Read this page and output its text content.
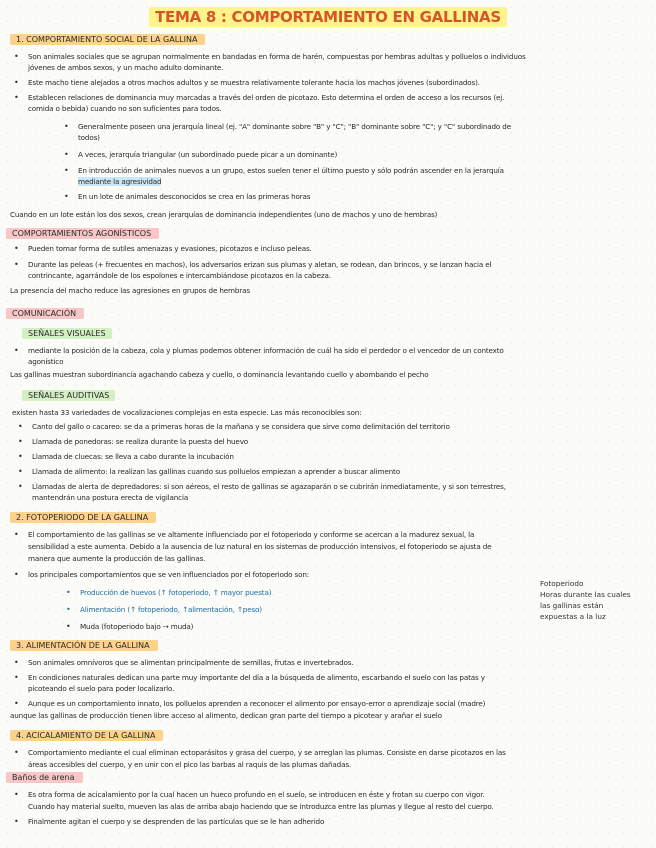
TEMA 8 : COMPORTAMIENTO EN GALLINAS
1. COMPORTAMIENTO SOCIAL DE LA GALLINA
• Son animales sociales que se agrupan normalmente en bandadas en forma de harén, compuestas por hembras adultas y polluelos o individuos
jóvenes de ambos sexos, y un macho adulto dominante.
• Este macho tiene alejados a otros machos adultos y se muestra relativamente tolerante hacia los machos jóvenes (subordinados).
• Establecen relaciones de dominancia muy marcadas a través del orden de picotazo. Esto determina el orden de acceso a los recursos (ej.
comida o bebida) cuando no son suficientes para todos.
• Generalmente poseen una jerarquía lineal (ej. "A" dominante sobre "B" y "C"; "B" dominante sobre "C"; y "C" subordinado de
todos)
• A veces, jerarquía triangular (un subordinado puede picar a un dominante)
• En introducción de animales nuevos a un grupo, estos suelen tener el último puesto y sólo podrán ascender en la jerarquía
mediante la agresividad
• En un lote de animales desconocidos se crea en las primeras horas
Cuando en un lote están los dos sexos, crean jerarquías de dominancia independientes (uno de machos y uno de hembras)
COMPORTAMIENTOS AGONÍSTICOS
• Pueden tomar forma de sutiles amenazas y evasiones, picotazos e incluso peleas.
• Durante las peleas (+ frecuentes en machos), los adversarios erizan sus plumas y aletan, se rodean, dan brincos, y se lanzan hacia el
contrincante, agarrándole de los espolones e intercambiándose picotazos en la cabeza.
La presencia del macho reduce las agresiones en grupos de hembras
COMUNICACIÓN
SEÑALES VISUALES
• mediante la posición de la cabeza, cola y plumas podemos obtener información de cuál ha sido el perdedor o el vencedor de un contexto
agonístico
Las gallinas muestran subordinancia agachando cabeza y cuello, o dominancia levantando cuello y abombando el pecho
SEÑALES AUDITIVAS
existen hasta 33 variedades de vocalizaciones complejas en esta especie. Las más reconocibles son:
• Canto del gallo o cacareo: se da a primeras horas de la mañana y se considera que sirve como delimitación del territorio
• Llamada de ponedoras: se realiza durante la puesta del huevo
• Llamada de cluecas: se lleva a cabo durante la incubación
• Llamada de alimento: la realizan las gallinas cuando sus polluelos empiezan a aprender a buscar alimento
• Llamadas de alerta de depredadores: si son aéreos, el resto de gallinas se agazaparán o se cubrirán inmediatamente, y si son terrestres,
mantendrán una postura erecta de vigilancia
2. FOTOPERIODO DE LA GALLINA
• El comportamiento de las gallinas se ve altamente influenciado por el fotoperiodo y conforme se acercan a la madurez sexual, la
sensibilidad a este aumenta. Debido a la ausencia de luz natural en los sistemas de producción intensivos, el fotoperiodo se ajusta de
manera que aumente la producción de las gallinas.
• los principales comportamientos que se ven influenciados por el fotoperiodo son:
• Producción de huevos (↑ fotoperiodo, ↑ mayor puesta)
• Alimentación (↑ fotoperiodo, ↑alimentación, ↑peso)
• Muda (fotoperiodo bajo → muda)
Fotoperiodo
Horas durante las cuales
las gallinas están
expuestas a la luz
3. ALIMENTACIÓN DE LA GALLINA
• Son animales omnívoros que se alimentan principalmente de semillas, frutas e invertebrados.
• En condiciones naturales dedican una parte muy importante del día a la búsqueda de alimento, escarbando el suelo con las patas y
picoteando el suelo para poder localizarlo.
• Aunque es un comportamiento innato, los polluelos aprenden a reconocer el alimento por ensayo-error o aprendizaje social (madre)
aunque las gallinas de producción tienen libre acceso al alimento, dedican gran parte del tiempo a picotear y arañar el suelo
4. ACICALAMIENTO DE LA GALLINA
• Comportamiento mediante el cual eliminan ectoparásitos y grasa del cuerpo, y se arreglan las plumas. Consiste en darse picotazos en las
áreas accesibles del cuerpo, y en unir con el pico las barbas al raquis de las plumas dañadas.
Baños de arena
• Es otra forma de acicalamiento por la cual hacen un hueco profundo en el suelo, se introducen en éste y frotan su cuerpo con vigor.
Cuando hay material suelto, mueven las alas de arriba abajo haciendo que se introduzca entre las plumas y llegue al resto del cuerpo.
• Finalmente agitan el cuerpo y se desprenden de las partículas que se le han adherido
